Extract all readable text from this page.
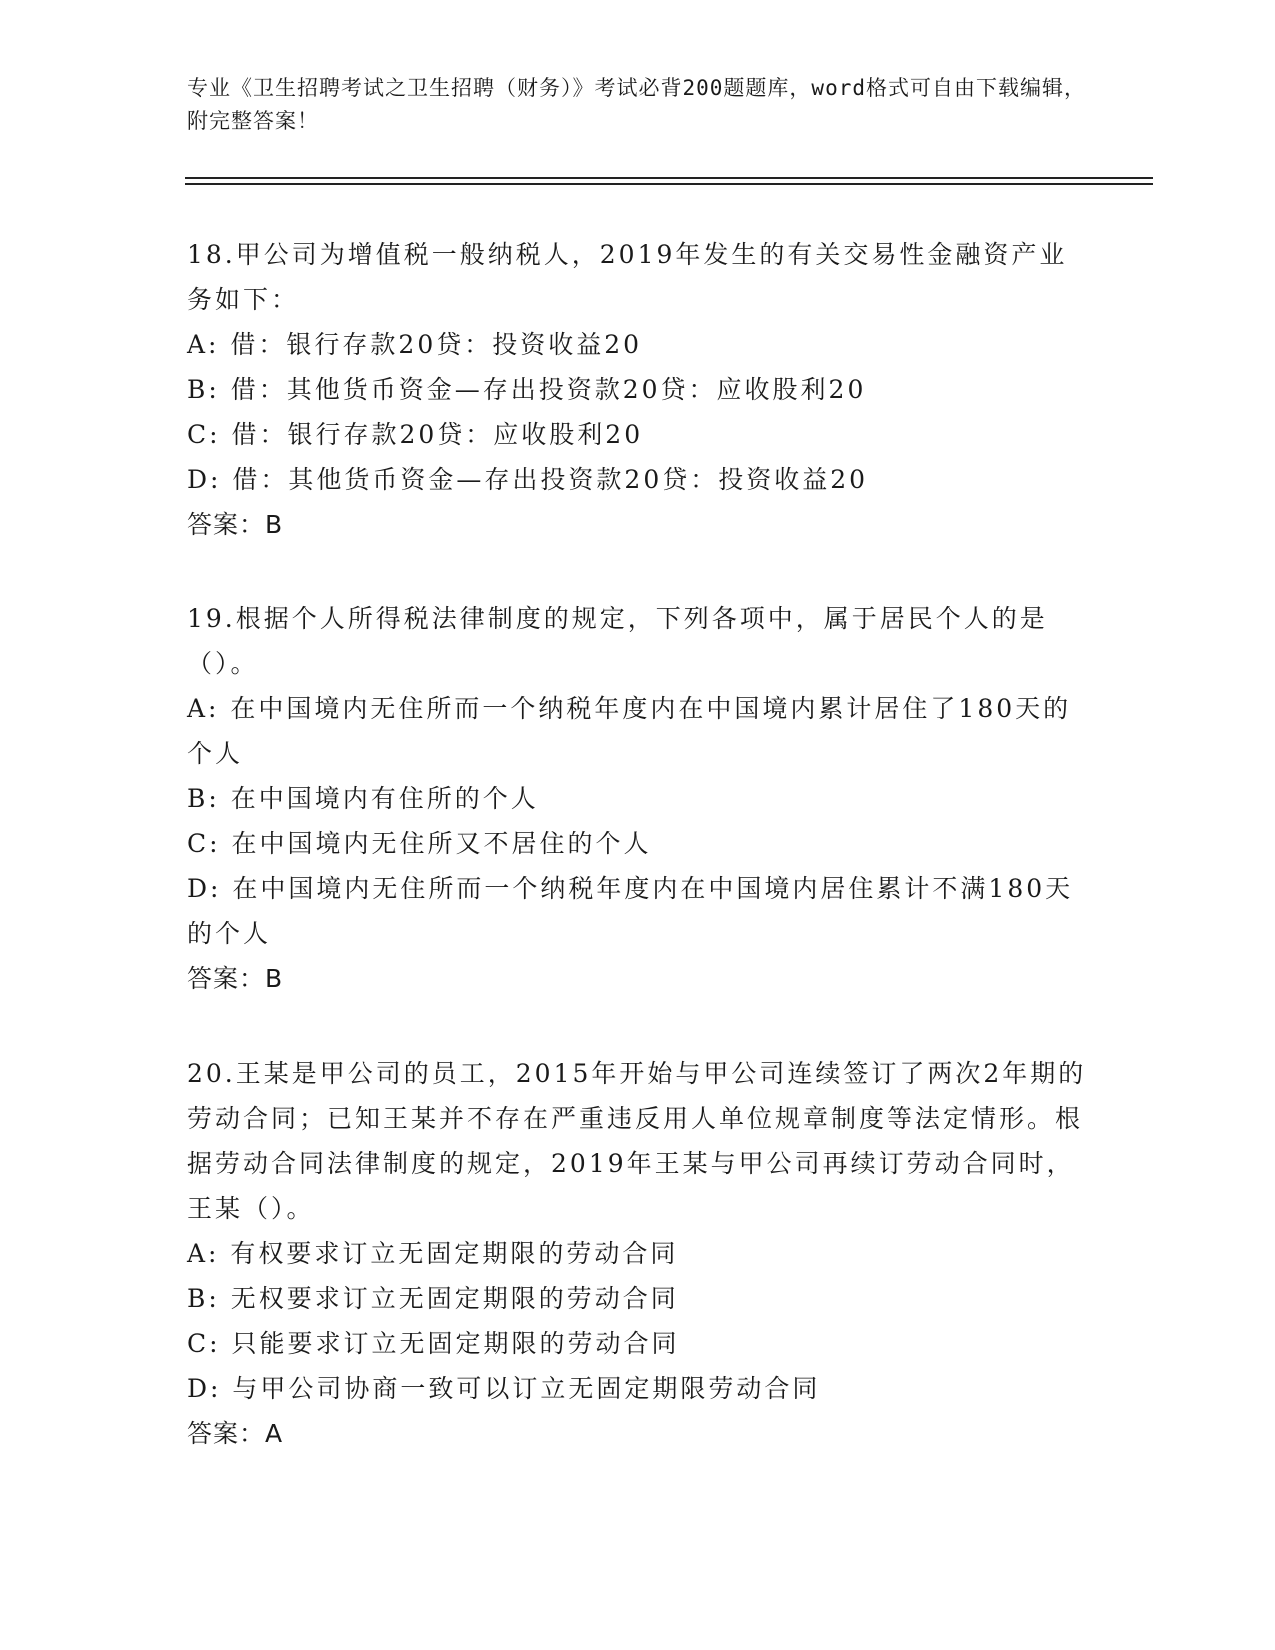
专业《卫生招聘考试之卫生招聘（财务）》考试必背200题题库，word格式可自由下载编辑，附完整答案！

18.甲公司为增值税一般纳税人，2019年发生的有关交易性金融资产业务如下：

A: 借：银行存款20贷：投资收益20

B: 借：其他货币资金—存出投资款20贷：应收股利20

C: 借：银行存款20贷：应收股利20

D: 借：其他货币资金—存出投资款20贷：投资收益20

答案：B

19.根据个人所得税法律制度的规定，下列各项中，属于居民个人的是（）。

A: 在中国境内无住所而一个纳税年度内在中国境内累计居住了180天的个人

B: 在中国境内有住所的个人

C: 在中国境内无住所又不居住的个人

D: 在中国境内无住所而一个纳税年度内在中国境内居住累计不满180天的个人

答案：B

20.王某是甲公司的员工，2015年开始与甲公司连续签订了两次2年期的劳动合同；已知王某并不存在严重违反用人单位规章制度等法定情形。根据劳动合同法律制度的规定，2019年王某与甲公司再续订劳动合同时，王某（）。

A: 有权要求订立无固定期限的劳动合同

B: 无权要求订立无固定期限的劳动合同

C: 只能要求订立无固定期限的劳动合同

D: 与甲公司协商一致可以订立无固定期限劳动合同

答案：A
